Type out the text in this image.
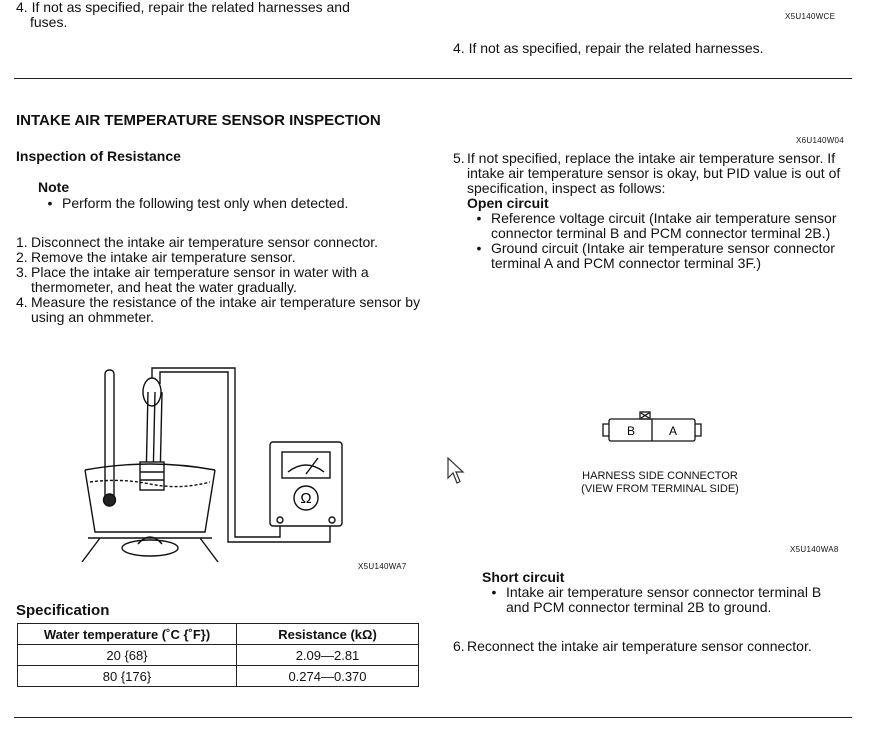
4. If not as specified, repair the related harnesses and fuses.	X5U140WCE
4. If not as specified, repair the related harnesses.
INTAKE AIR TEMPERATURE SENSOR INSPECTION
Inspection of Resistance
Note
• Perform the following test only when detected.
1. Disconnect the intake air temperature sensor connector.
2. Remove the intake air temperature sensor.
3. Place the intake air temperature sensor in water with a thermometer, and heat the water gradually.
4. Measure the resistance of the intake air temperature sensor by using an ohmmeter.
Ω
X5U140WA7
Specification
Water temperature (˚C {˚F})	Resistance (kΩ)
20 {68}	2.09—2.81
80 {176}	0.274—0.370
X6U140W04
5. If not specified, replace the intake air temperature sensor. If intake air temperature sensor is okay, but PID value is out of specification, inspect as follows:
Open circuit
• Reference voltage circuit (Intake air temperature sensor connector terminal B and PCM connector terminal 2B.)
• Ground circuit (Intake air temperature sensor connector terminal A and PCM connector terminal 3F.)
B	A
HARNESS SIDE CONNECTOR
(VIEW FROM TERMINAL SIDE)
X5U140WA8
Short circuit
• Intake air temperature sensor connector terminal B and PCM connector terminal 2B to ground.
6. Reconnect the intake air temperature sensor connector.
